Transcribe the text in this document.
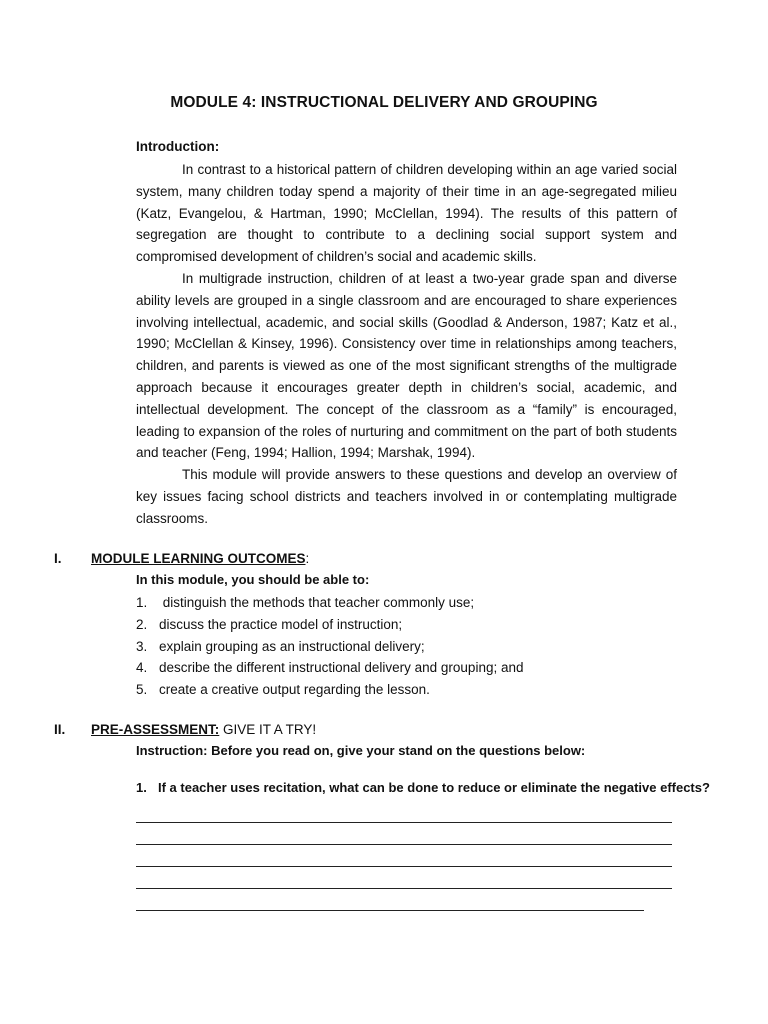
MODULE 4: INSTRUCTIONAL DELIVERY AND GROUPING
Introduction:

In contrast to a historical pattern of children developing within an age varied social system, many children today spend a majority of their time in an age-segregated milieu (Katz, Evangelou, & Hartman, 1990; McClellan, 1994). The results of this pattern of segregation are thought to contribute to a declining social support system and compromised development of children’s social and academic skills.

In multigrade instruction, children of at least a two-year grade span and diverse ability levels are grouped in a single classroom and are encouraged to share experiences involving intellectual, academic, and social skills (Goodlad & Anderson, 1987; Katz et al., 1990; McClellan & Kinsey, 1996). Consistency over time in relationships among teachers, children, and parents is viewed as one of the most significant strengths of the multigrade approach because it encourages greater depth in children’s social, academic, and intellectual development. The concept of the classroom as a “family” is encouraged, leading to expansion of the roles of nurturing and commitment on the part of both students and teacher (Feng, 1994; Hallion, 1994; Marshak, 1994).

This module will provide answers to these questions and develop an overview of key issues facing school districts and teachers involved in or contemplating multigrade classrooms.

I. MODULE LEARNING OUTCOMES:
In this module, you should be able to:
1. distinguish the methods that teacher commonly use;
2. discuss the practice model of instruction;
3. explain grouping as an instructional delivery;
4. describe the different instructional delivery and grouping; and
5. create a creative output regarding the lesson.
II. PRE-ASSESSMENT: GIVE IT A TRY!
Instruction: Before you read on, give your stand on the questions below:
1. If a teacher uses recitation, what can be done to reduce or eliminate the negative effects?
